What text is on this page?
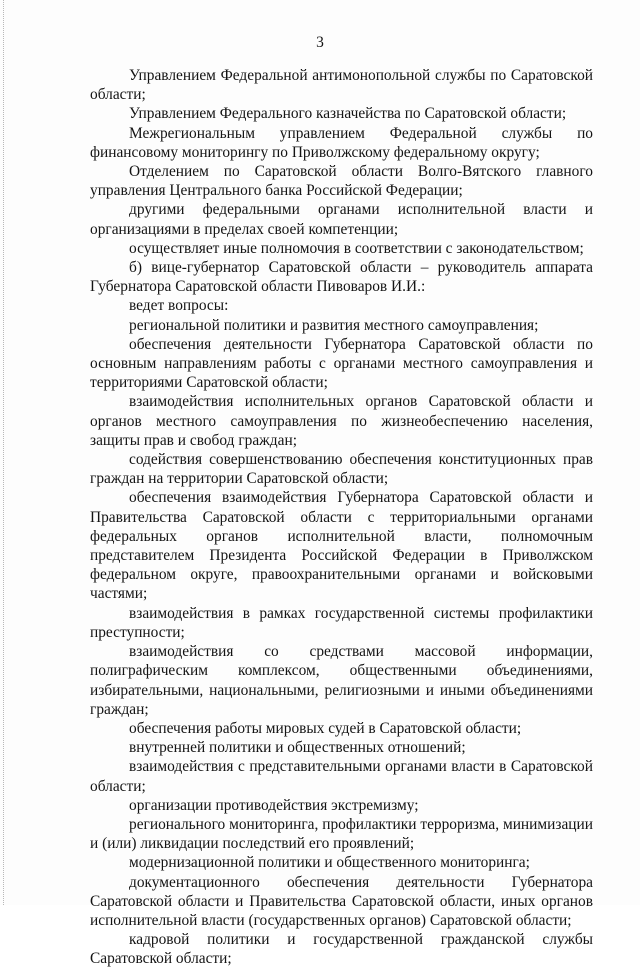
3

Управлением Федеральной антимонопольной службы по Саратовской области;

Управлением Федерального казначейства по Саратовской области;

Межрегиональным управлением Федеральной службы по финансовому мониторингу по Приволжскому федеральному округу;

Отделением по Саратовской области Волго-Вятского главного управления Центрального банка Российской Федерации;

другими федеральными органами исполнительной власти и организациями в пределах своей компетенции;

осуществляет иные полномочия в соответствии с законодательством;

б) вице-губернатор Саратовской области – руководитель аппарата Губернатора Саратовской области Пивоваров И.И.:

ведет вопросы:

региональной политики и развития местного самоуправления;

обеспечения деятельности Губернатора Саратовской области по основным направлениям работы с органами местного самоуправления и территориями Саратовской области;

взаимодействия исполнительных органов Саратовской области и органов местного самоуправления по жизнеобеспечению населения, защиты прав и свобод граждан;

содействия совершенствованию обеспечения конституционных прав граждан на территории Саратовской области;

обеспечения взаимодействия Губернатора Саратовской области и Правительства Саратовской области с территориальными органами федеральных органов исполнительной власти, полномочным представителем Президента Российской Федерации в Приволжском федеральном округе, правоохранительными органами и войсковыми частями;

взаимодействия в рамках государственной системы профилактики преступности;

взаимодействия со средствами массовой информации, полиграфическим комплексом, общественными объединениями, избирательными, национальными, религиозными и иными объединениями граждан;

обеспечения работы мировых судей в Саратовской области;

внутренней политики и общественных отношений;

взаимодействия с представительными органами власти в Саратовской области;

организации противодействия экстремизму;

регионального мониторинга, профилактики терроризма, минимизации и (или) ликвидации последствий его проявлений;

модернизационной политики и общественного мониторинга;

документационного обеспечения деятельности Губернатора Саратовской области и Правительства Саратовской области, иных органов исполнительной власти (государственных органов) Саратовской области;

кадровой политики и государственной гражданской службы Саратовской области;
